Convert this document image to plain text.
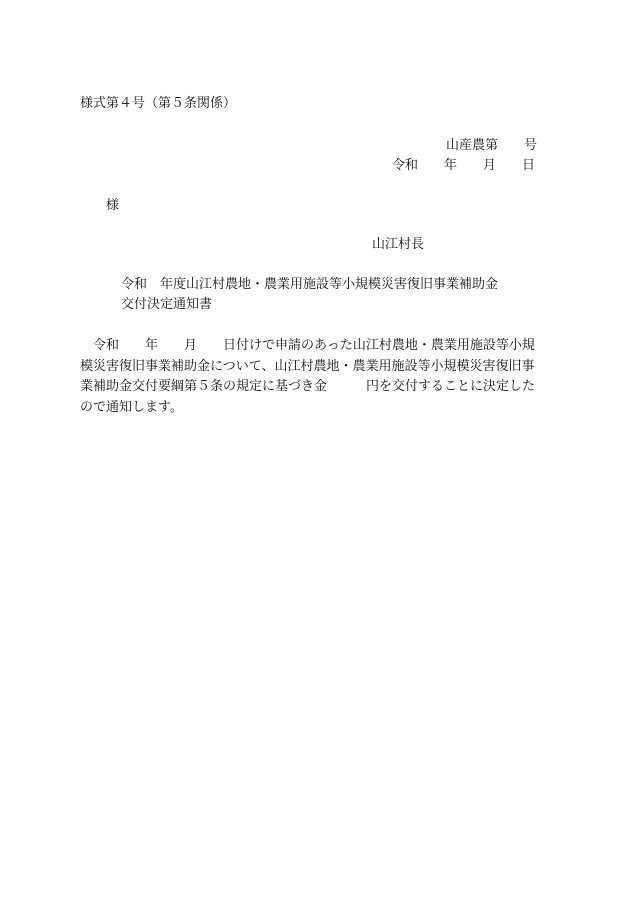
様式第４号（第５条関係）
山産農第　　号
令和　　年　　月　　日
様
山江村長
令和　年度山江村農地・農業用施設等小規模災害復旧事業補助金
交付決定通知書
　令和　　年　　月　　日付けで申請のあった山江村農地・農業用施設等小規
模災害復旧事業補助金について、山江村農地・農業用施設等小規模災害復旧事
業補助金交付要綱第５条の規定に基づき金　　　円を交付することに決定した
ので通知します。
